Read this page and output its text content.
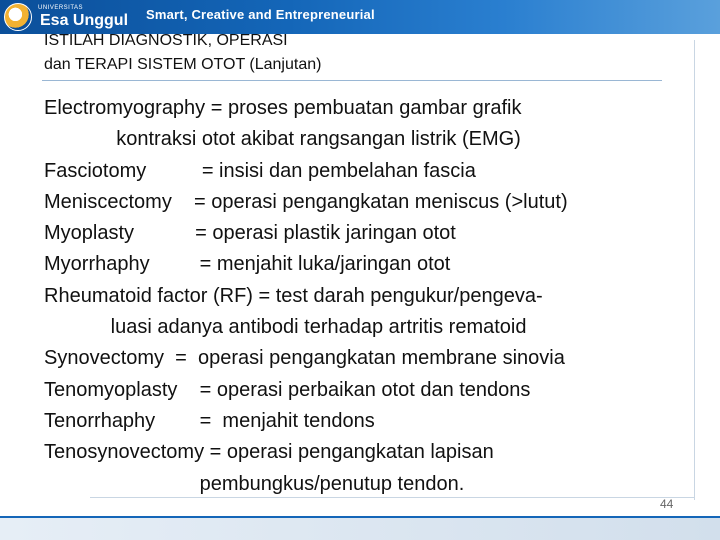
UNIVERSITAS
Esa Unggul Smart, Creative and Entrepreneurial
ISTILAH DIAGNOSTIK, OPERASI
dan TERAPI SISTEM OTOT (Lanjutan)
Electromyography = proses pembuatan gambar grafik
kontraksi otot akibat rangsangan listrik (EMG)
Fasciotomy          = insisi dan pembelahan fascia
Meniscectomy    = operasi pengangkatan meniscus (>lutut)
Myoplasty           = operasi plastik jaringan otot
Myorrhaphy         = menjahit luka/jaringan otot
Rheumatoid factor (RF) = test darah pengukur/pengeva-
luasi adanya antibodi terhadap artritis rematoid
Synovectomy  =  operasi pengangkatan membrane sinovia
Tenomyoplasty    = operasi perbaikan otot dan tendons
Tenorrhaphy        =  menjahit tendons
Tenosynovectomy = operasi pengangkatan lapisan
pembungkus/penutup tendon.
44
